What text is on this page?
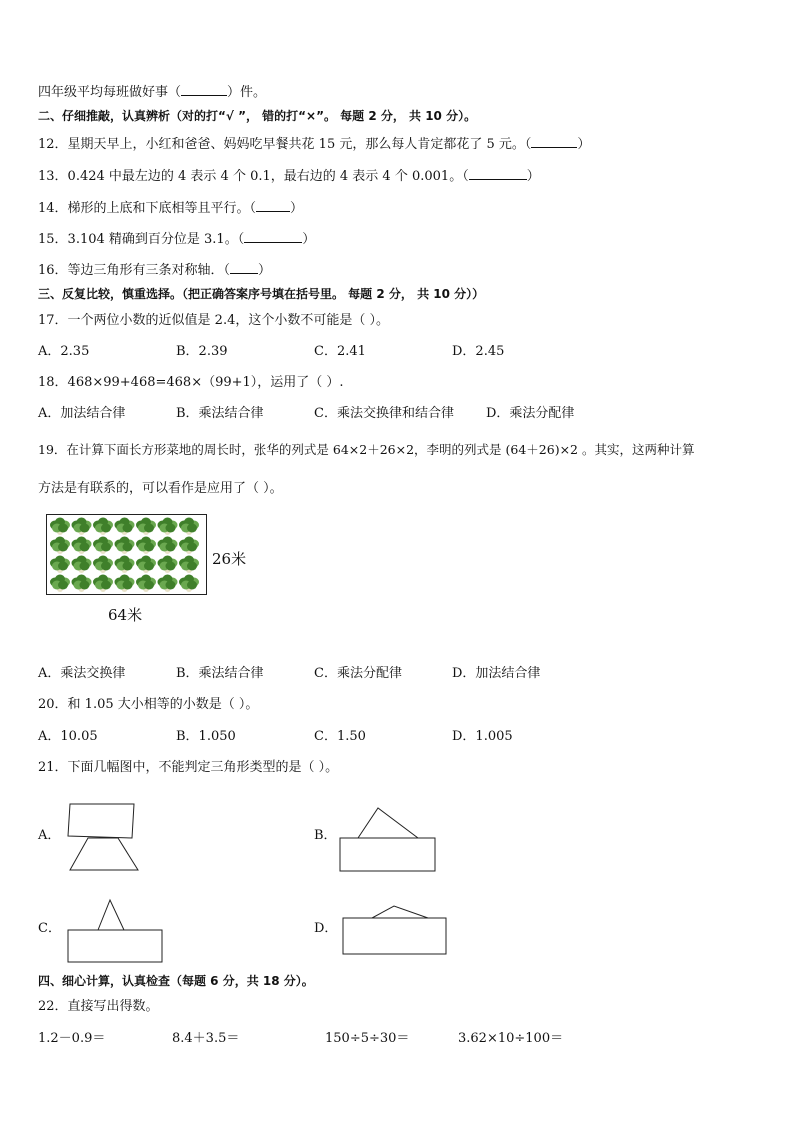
四年级平均每班做好事（	）件。
二、仔细推敲，认真辨析（对的打“√ ”， 错的打“×”。 每题 2 分， 共 10 分）。
12．星期天早上，小红和爸爸、妈妈吃早餐共花 15 元，那么每人肯定都花了 5 元。（	）
13．0.424 中最左边的 4 表示 4 个 0.1，最右边的 4 表示 4 个 0.001。（	）
14．梯形的上底和下底相等且平行。（	）
15．3.104 精确到百分位是 3.1。（	）
16．等边三角形有三条对称轴．（ ）
三、反复比较，慎重选择。（把正确答案序号填在括号里。 每题 2 分， 共 10 分））
17．一个两位小数的近似值是 2.4，这个小数不可能是（ ）。
A．2.35	B．2.39	C．2.41	D．2.45
18．468×99+468=468×（99+1），运用了（ ）.
A．加法结合律	B．乘法结合律	C．乘法交换律和结合律 D．乘法分配律
19．在计算下面长方形菜地的周长时，张华的列式是 64×2＋26×2，李明的列式是 (64＋26)×2 。其实，这两种计算
方法是有联系的，可以看作是应用了（ ）。
26米
64米
A．乘法交换律	B．乘法结合律	C．乘法分配律	D．加法结合律
20．和 1.05 大小相等的小数是（ ）。
A．10.05	B．1.050	C．1.50	D．1.005
21．下面几幅图中，不能判定三角形类型的是（ ）。
A．	B．
C．	D．
四、细心计算，认真检查（每题 6 分，共 18 分）。
22．直接写出得数。
1.2－0.9＝	8.4＋3.5＝	150÷5÷30＝	3.62×10÷100＝
